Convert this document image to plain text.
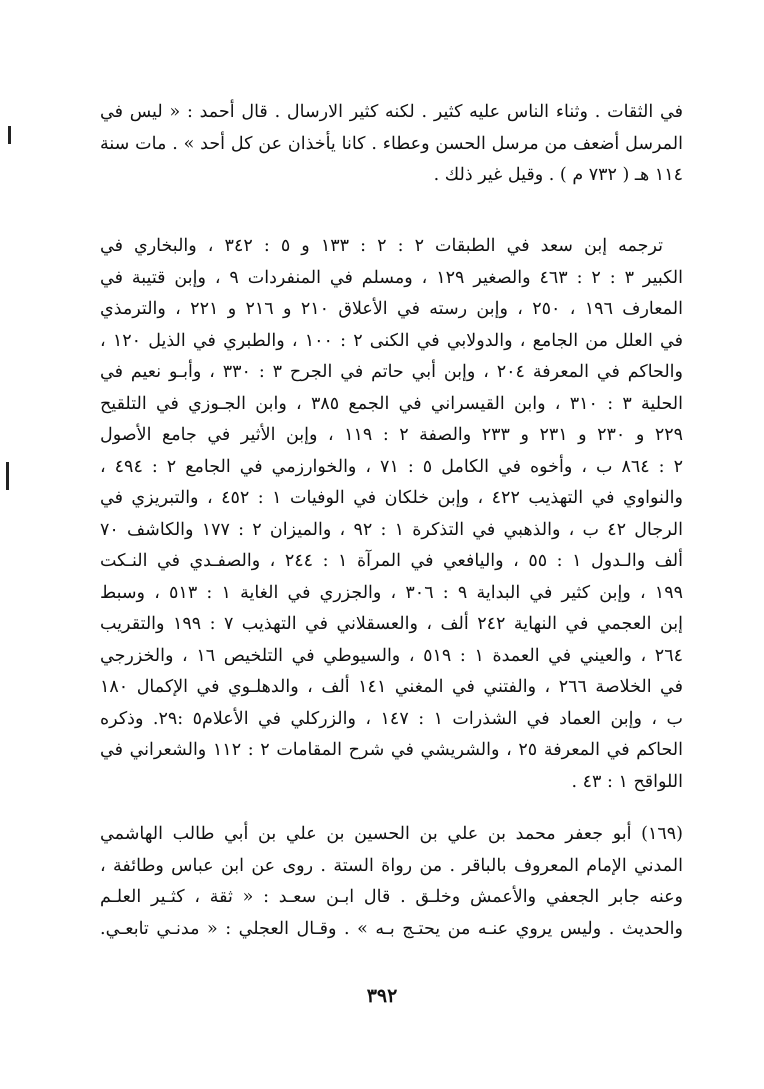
في الثقات . وثناء الناس عليه كثير . لكنه كثير الارسال . قال أحمد : « ليس في
المرسل أضعف من مرسل الحسن وعطاء . كانا يأخذان عن كل أحد » . مات سنة
١١٤ هـ ( ٧٣٢ م ) . وقيل غير ذلك .
ترجمه إبن سعد في الطبقات ٢ : ٢ : ١٣٣ و ٥ : ٣٤٢ ، والبخاري في
الكبير ٣ : ٢ : ٤٦٣ والصغير ١٢٩ ، ومسلم في المنفردات ٩ ، وإبن قتيبة في
المعارف ١٩٦ ، ٢٥٠ ، وإبن رسته في الأعلاق ٢١٠ و ٢١٦ و ٢٢١ ، والترمذي
في العلل من الجامع ، والدولابي في الكنى ٢ : ١٠٠ ، والطبري في الذيل ١٢٠ ،
والحاكم في المعرفة ٢٠٤ ، وإبن أبي حاتم في الجرح ٣ : ٣٣٠ ، وأبـو نعيم في
الحلية ٣ : ٣١٠ ، وابن القيسراني في الجمع ٣٨٥ ، وابن الجـوزي في التلقيح
٢٢٩ و ٢٣٠ و ٢٣١ و ٢٣٣ والصفة ٢ : ١١٩ ، وإبن الأثير في جامع الأصول
٢ : ٨٦٤ ب ، وأخوه في الكامل ٥ : ٧١ ، والخوارزمي في الجامع ٢ : ٤٩٤ ،
والنواوي في التهذيب ٤٢٢ ، وإبن خلكان في الوفيات ١ : ٤٥٢ ، والتبريزي في
الرجال ٤٢ ب ، والذهبي في التذكرة ١ : ٩٢ ، والميزان ٢ : ١٧٧ والكاشف ٧٠
ألف والـدول ١ : ٥٥ ، واليافعي في المرآة ١ : ٢٤٤ ، والصفـدي في النـكت
١٩٩ ، وإبن كثير في البداية ٩ : ٣٠٦ ، والجزري في الغاية ١ : ٥١٣ ، وسبط
إبن العجمي في النهاية ٢٤٢ ألف ، والعسقلاني في التهذيب ٧ : ١٩٩ والتقريب
٢٦٤ ، والعيني في العمدة ١ : ٥١٩ ، والسيوطي في التلخيص ١٦ ، والخزرجي
في الخلاصة ٢٦٦ ، والفتني في المغني ١٤١ ألف ، والدهلـوي في الإكمال ١٨٠
ب ، وإبن العماد في الشذرات ١ : ١٤٧ ، والزركلي في الأعلام٥ :٢٩. وذكره
الحاكم في المعرفة ٢٥ ، والشريشي في شرح المقامات ٢ : ١١٢ والشعراني في
اللواقح ١ : ٤٣ .
(١٦٩) أبو جعفر محمد بن علي بن الحسين بن علي بن أبي طالب الهاشمي
المدني الإمام المعروف بالباقر . من رواة الستة . روى عن ابن عباس وطائفة ،
وعنه جابر الجعفي والأعمش وخلـق . قال ابـن سعـد : « ثقة ، كثـير العلـم
والحديث . وليس يروي عنـه من يحتـج بـه » . وقـال العجلي : « مدنـي تابعـي.
٣٩٢
